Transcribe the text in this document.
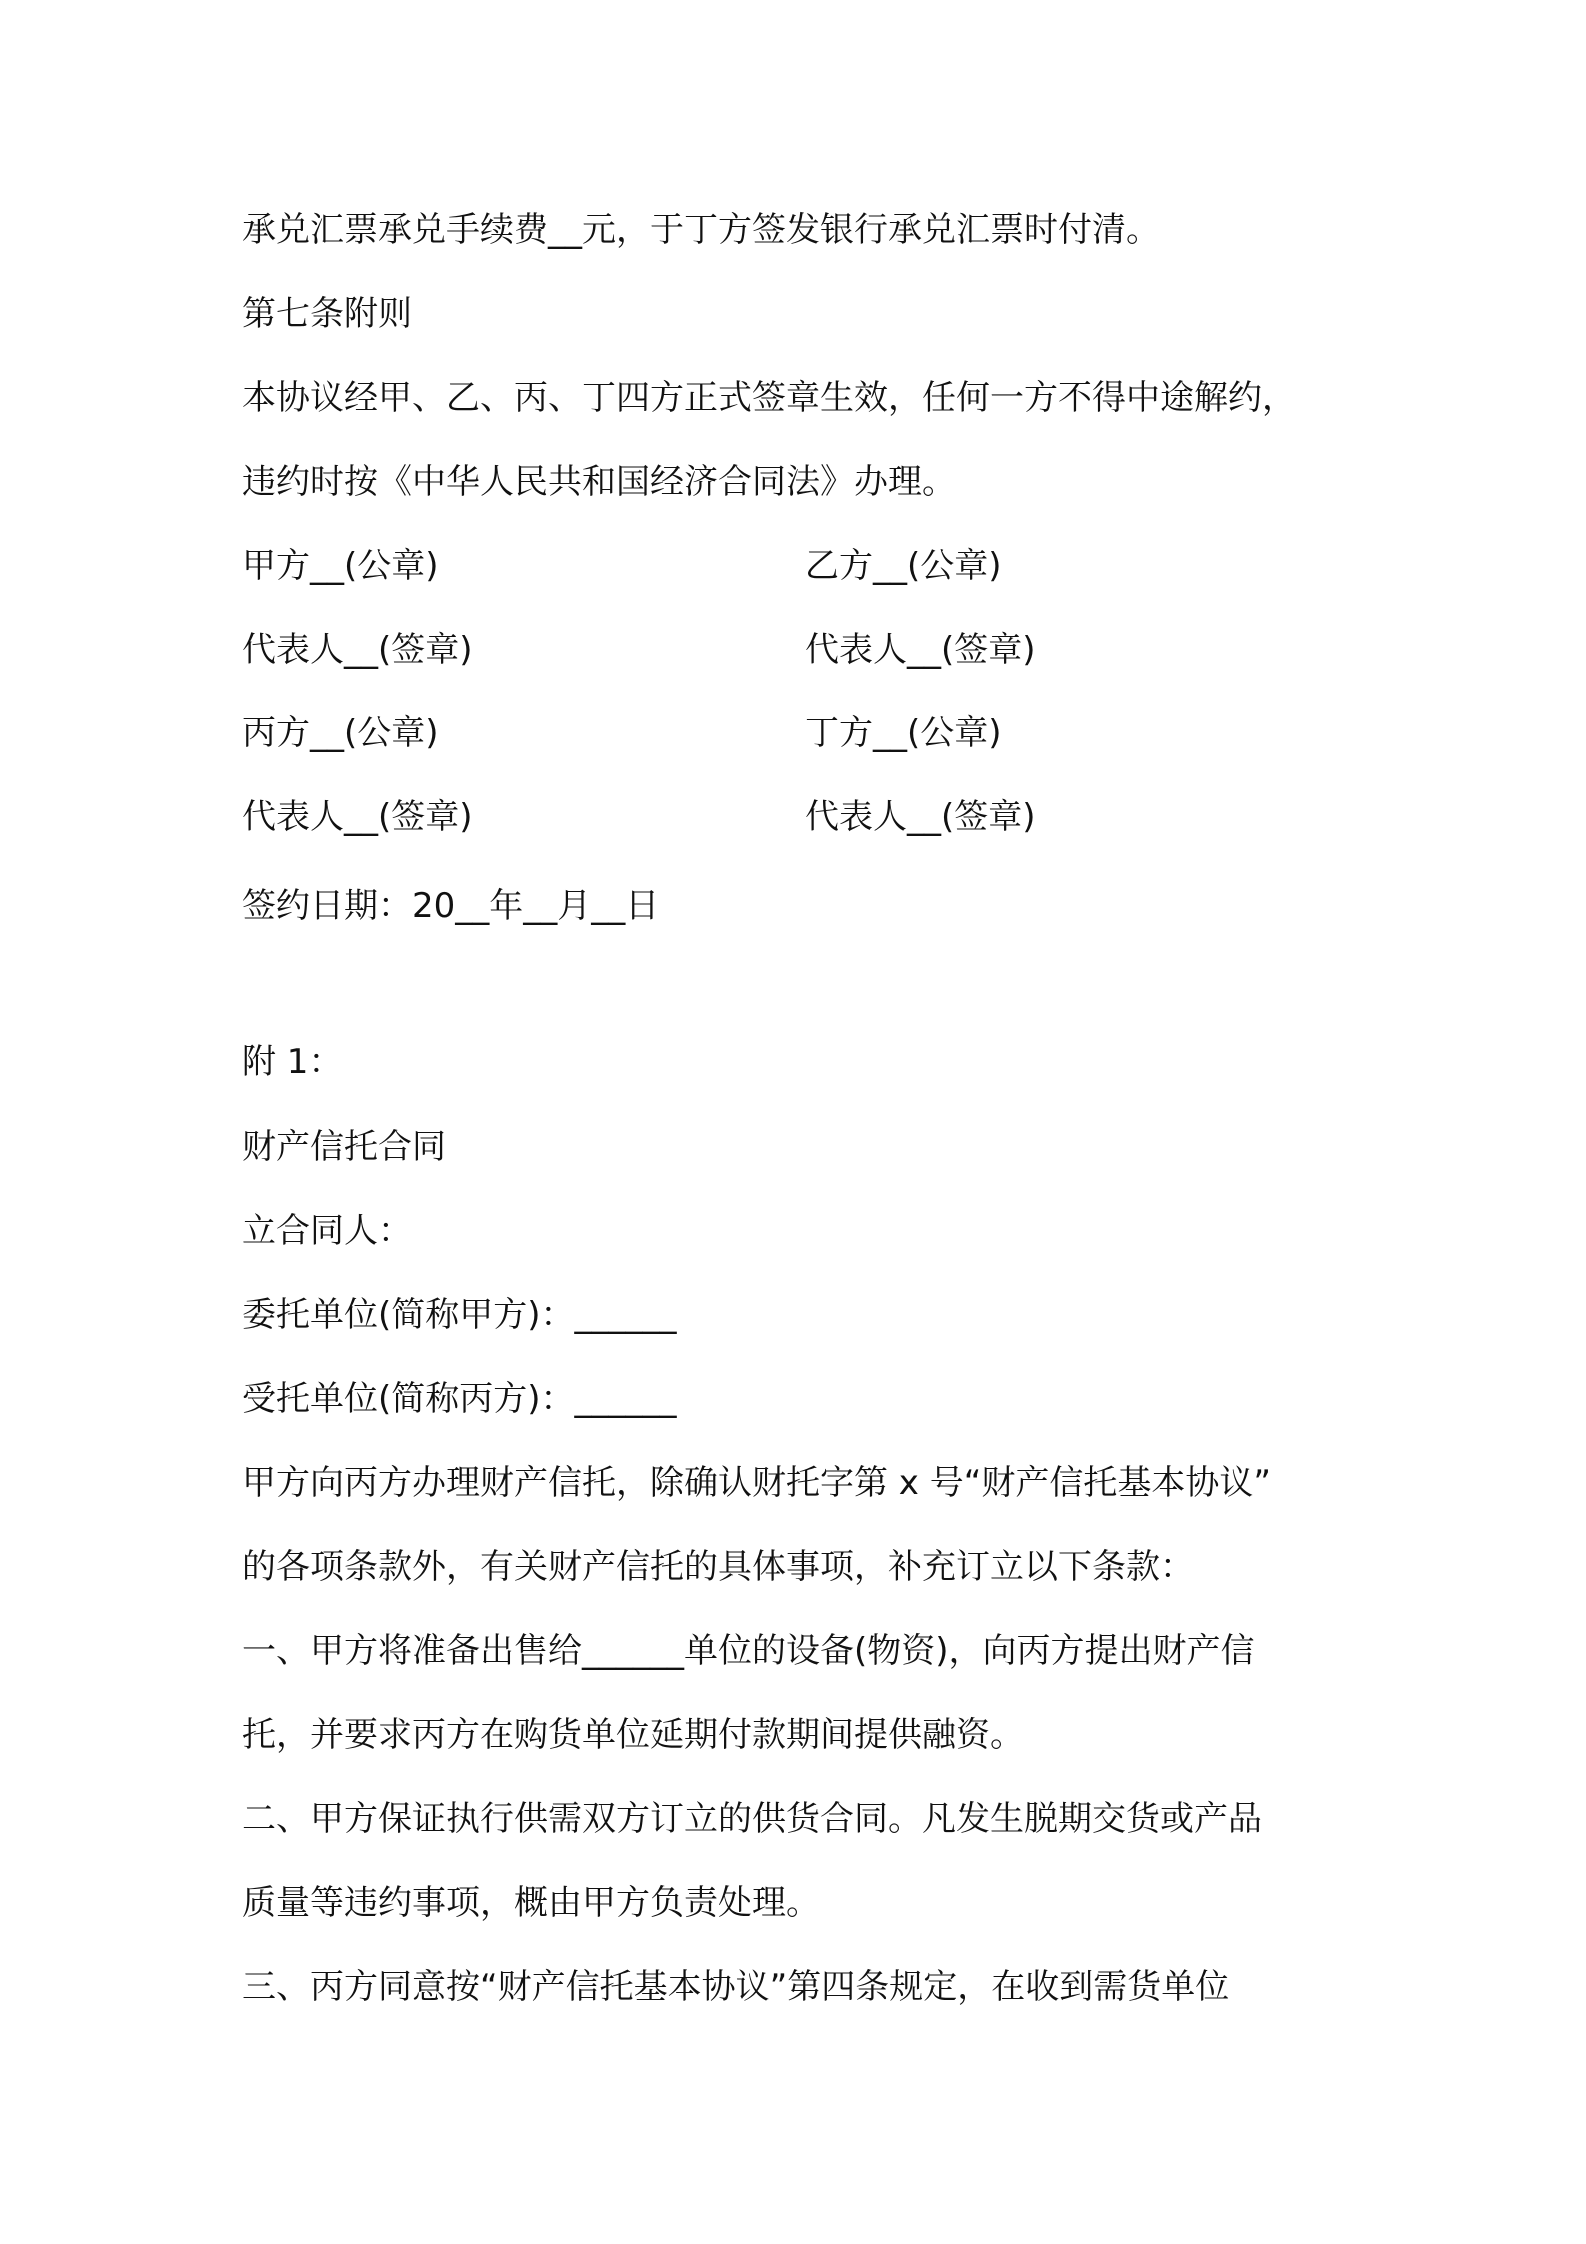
承兑汇票承兑手续费__元，于丁方签发银行承兑汇票时付清。
第七条附则
本协议经甲、乙、丙、丁四方正式签章生效，任何一方不得中途解约，
违约时按《中华人民共和国经济合同法》办理。
甲方__(公章)	乙方__(公章)
代表人__(签章)	代表人__(签章)
丙方__(公章)	丁方__(公章)
代表人__(签章)	代表人__(签章)
签约日期：20__年__月__日
附 1：
财产信托合同
立合同人：
委托单位(简称甲方)：______
受托单位(简称丙方)：______
甲方向丙方办理财产信托，除确认财托字第 x 号“财产信托基本协议”
的各项条款外，有关财产信托的具体事项，补充订立以下条款：
一、甲方将准备出售给______单位的设备(物资)，向丙方提出财产信
托，并要求丙方在购货单位延期付款期间提供融资。
二、甲方保证执行供需双方订立的供货合同。凡发生脱期交货或产品
质量等违约事项，概由甲方负责处理。
三、丙方同意按“财产信托基本协议”第四条规定，在收到需货单位
